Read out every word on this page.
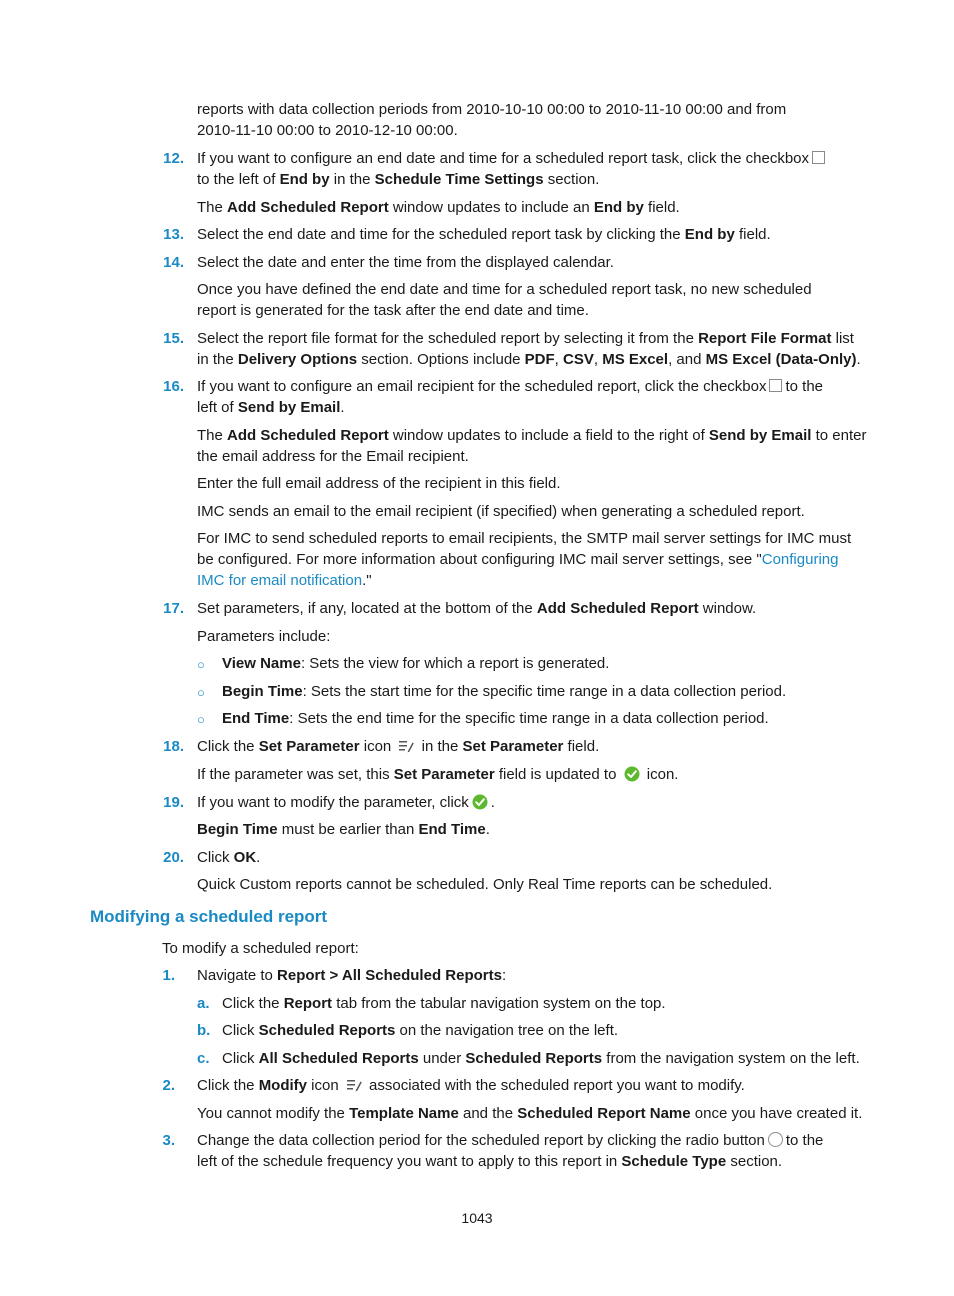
reports with data collection periods from 2010-10-10 00:00 to 2010-11-10 00:00 and from
2010-11-10 00:00 to 2010-12-10 00:00.
12. If you want to configure an end date and time for a scheduled report task, click the checkbox
to the left of End by in the Schedule Time Settings section.
The Add Scheduled Report window updates to include an End by field.
13. Select the end date and time for the scheduled report task by clicking the End by field.
14. Select the date and enter the time from the displayed calendar.
Once you have defined the end date and time for a scheduled report task, no new scheduled
report is generated for the task after the end date and time.
15. Select the report file format for the scheduled report by selecting it from the Report File Format list
in the Delivery Options section. Options include PDF, CSV, MS Excel, and MS Excel (Data-Only).
16. If you want to configure an email recipient for the scheduled report, click the checkbox to the
left of Send by Email.
The Add Scheduled Report window updates to include a field to the right of Send by Email to enter
the email address for the Email recipient.
Enter the full email address of the recipient in this field.
IMC sends an email to the email recipient (if specified) when generating a scheduled report.
For IMC to send scheduled reports to email recipients, the SMTP mail server settings for IMC must
be configured. For more information about configuring IMC mail server settings, see "Configuring
IMC for email notification."
17. Set parameters, if any, located at the bottom of the Add Scheduled Report window.
Parameters include:
○ View Name: Sets the view for which a report is generated.
○ Begin Time: Sets the start time for the specific time range in a data collection period.
○ End Time: Sets the end time for the specific time range in a data collection period.
18. Click the Set Parameter icon  in the Set Parameter field.
If the parameter was set, this Set Parameter field is updated to  icon.
19. If you want to modify the parameter, click .
Begin Time must be earlier than End Time.
20. Click OK.
Quick Custom reports cannot be scheduled. Only Real Time reports can be scheduled.
Modifying a scheduled report
To modify a scheduled report:
1. Navigate to Report > All Scheduled Reports:
a. Click the Report tab from the tabular navigation system on the top.
b. Click Scheduled Reports on the navigation tree on the left.
c. Click All Scheduled Reports under Scheduled Reports from the navigation system on the left.
2. Click the Modify icon  associated with the scheduled report you want to modify.
You cannot modify the Template Name and the Scheduled Report Name once you have created it.
3. Change the data collection period for the scheduled report by clicking the radio button to the
left of the schedule frequency you want to apply to this report in Schedule Type section.
1043
